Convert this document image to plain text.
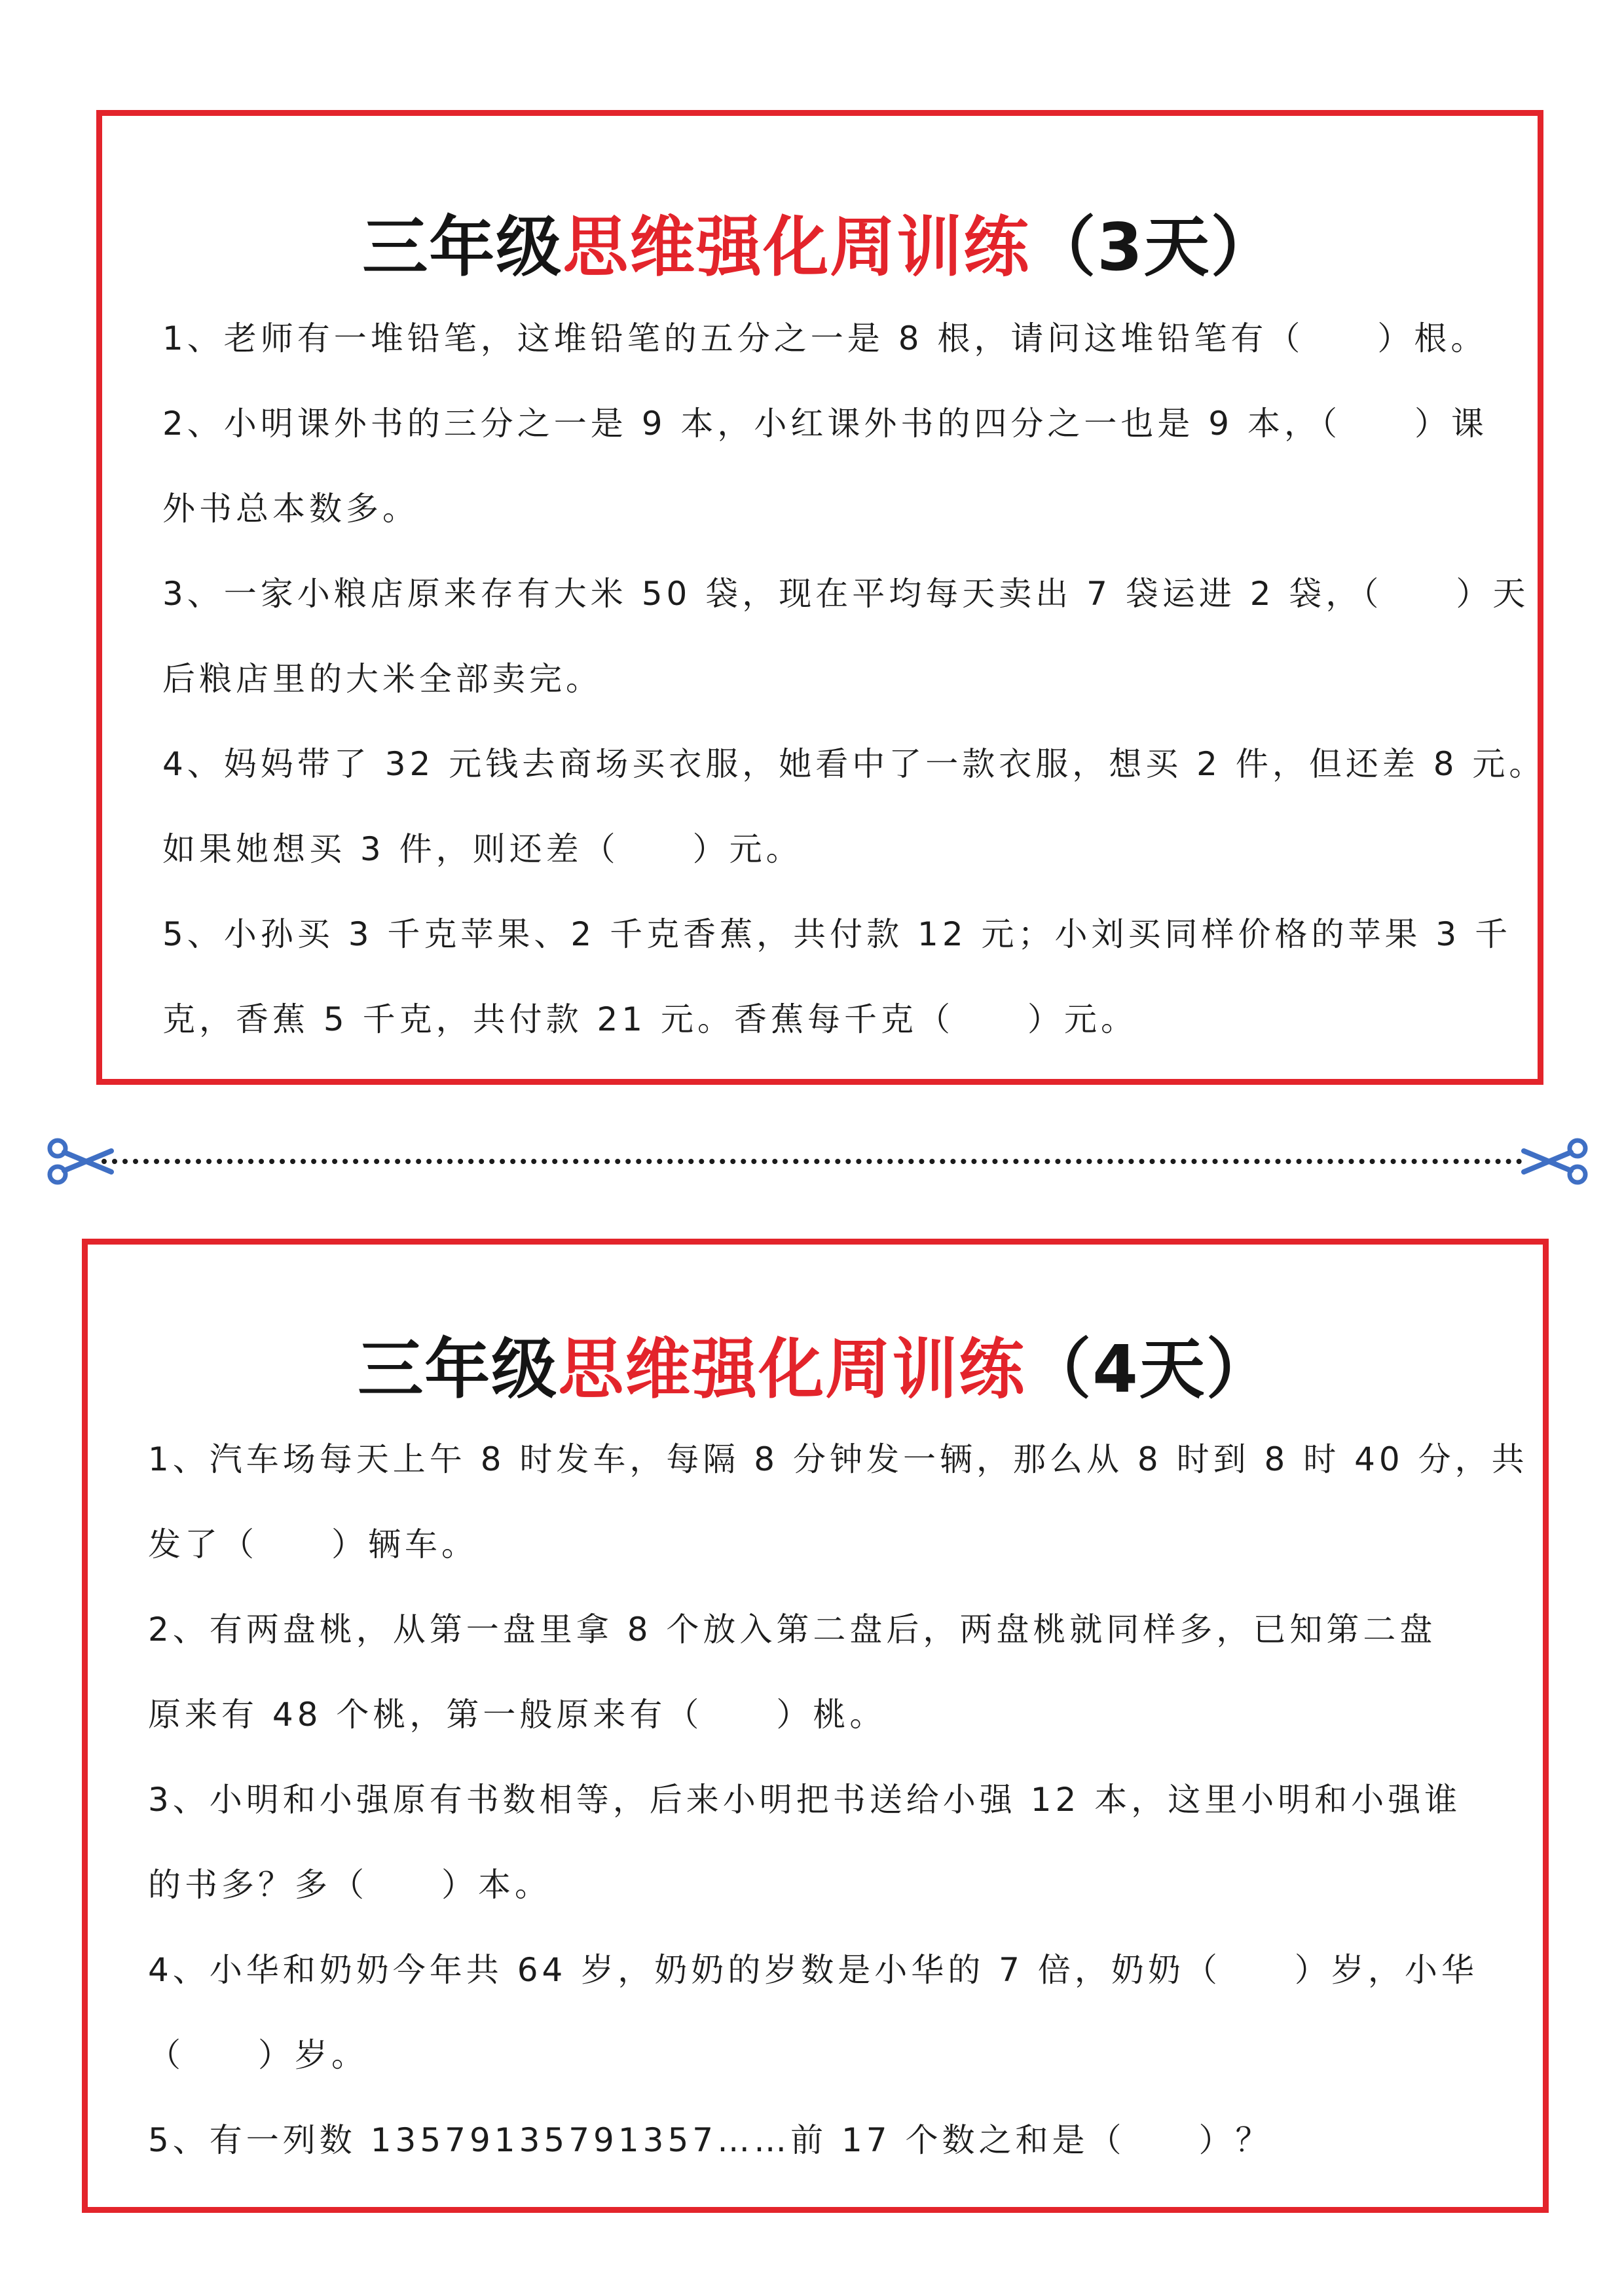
三年级思维强化周训练（3天）
1、老师有一堆铅笔，这堆铅笔的五分之一是 8 根，请问这堆铅笔有（　　）根。
2、小明课外书的三分之一是 9 本，小红课外书的四分之一也是 9 本，（　　）课
外书总本数多。
3、一家小粮店原来存有大米 50 袋，现在平均每天卖出 7 袋运进 2 袋，（　　）天
后粮店里的大米全部卖完。
4、妈妈带了 32 元钱去商场买衣服，她看中了一款衣服，想买 2 件，但还差 8 元。
如果她想买 3 件，则还差（　　）元。
5、小孙买 3 千克苹果、2 千克香蕉，共付款 12 元；小刘买同样价格的苹果 3 千
克，香蕉 5 千克，共付款 21 元。香蕉每千克（　　）元。
三年级思维强化周训练（4天）
1、汽车场每天上午 8 时发车，每隔 8 分钟发一辆，那么从 8 时到 8 时 40 分，共
发了（　　）辆车。
2、有两盘桃，从第一盘里拿 8 个放入第二盘后，两盘桃就同样多，已知第二盘
原来有 48 个桃，第一般原来有（　　）桃。
3、小明和小强原有书数相等，后来小明把书送给小强 12 本，这里小明和小强谁
的书多？多（　　）本。
4、小华和奶奶今年共 64 岁，奶奶的岁数是小华的 7 倍，奶奶（　　）岁，小华
（　　）岁。
5、有一列数 13579135791357……前 17 个数之和是（　　）？
